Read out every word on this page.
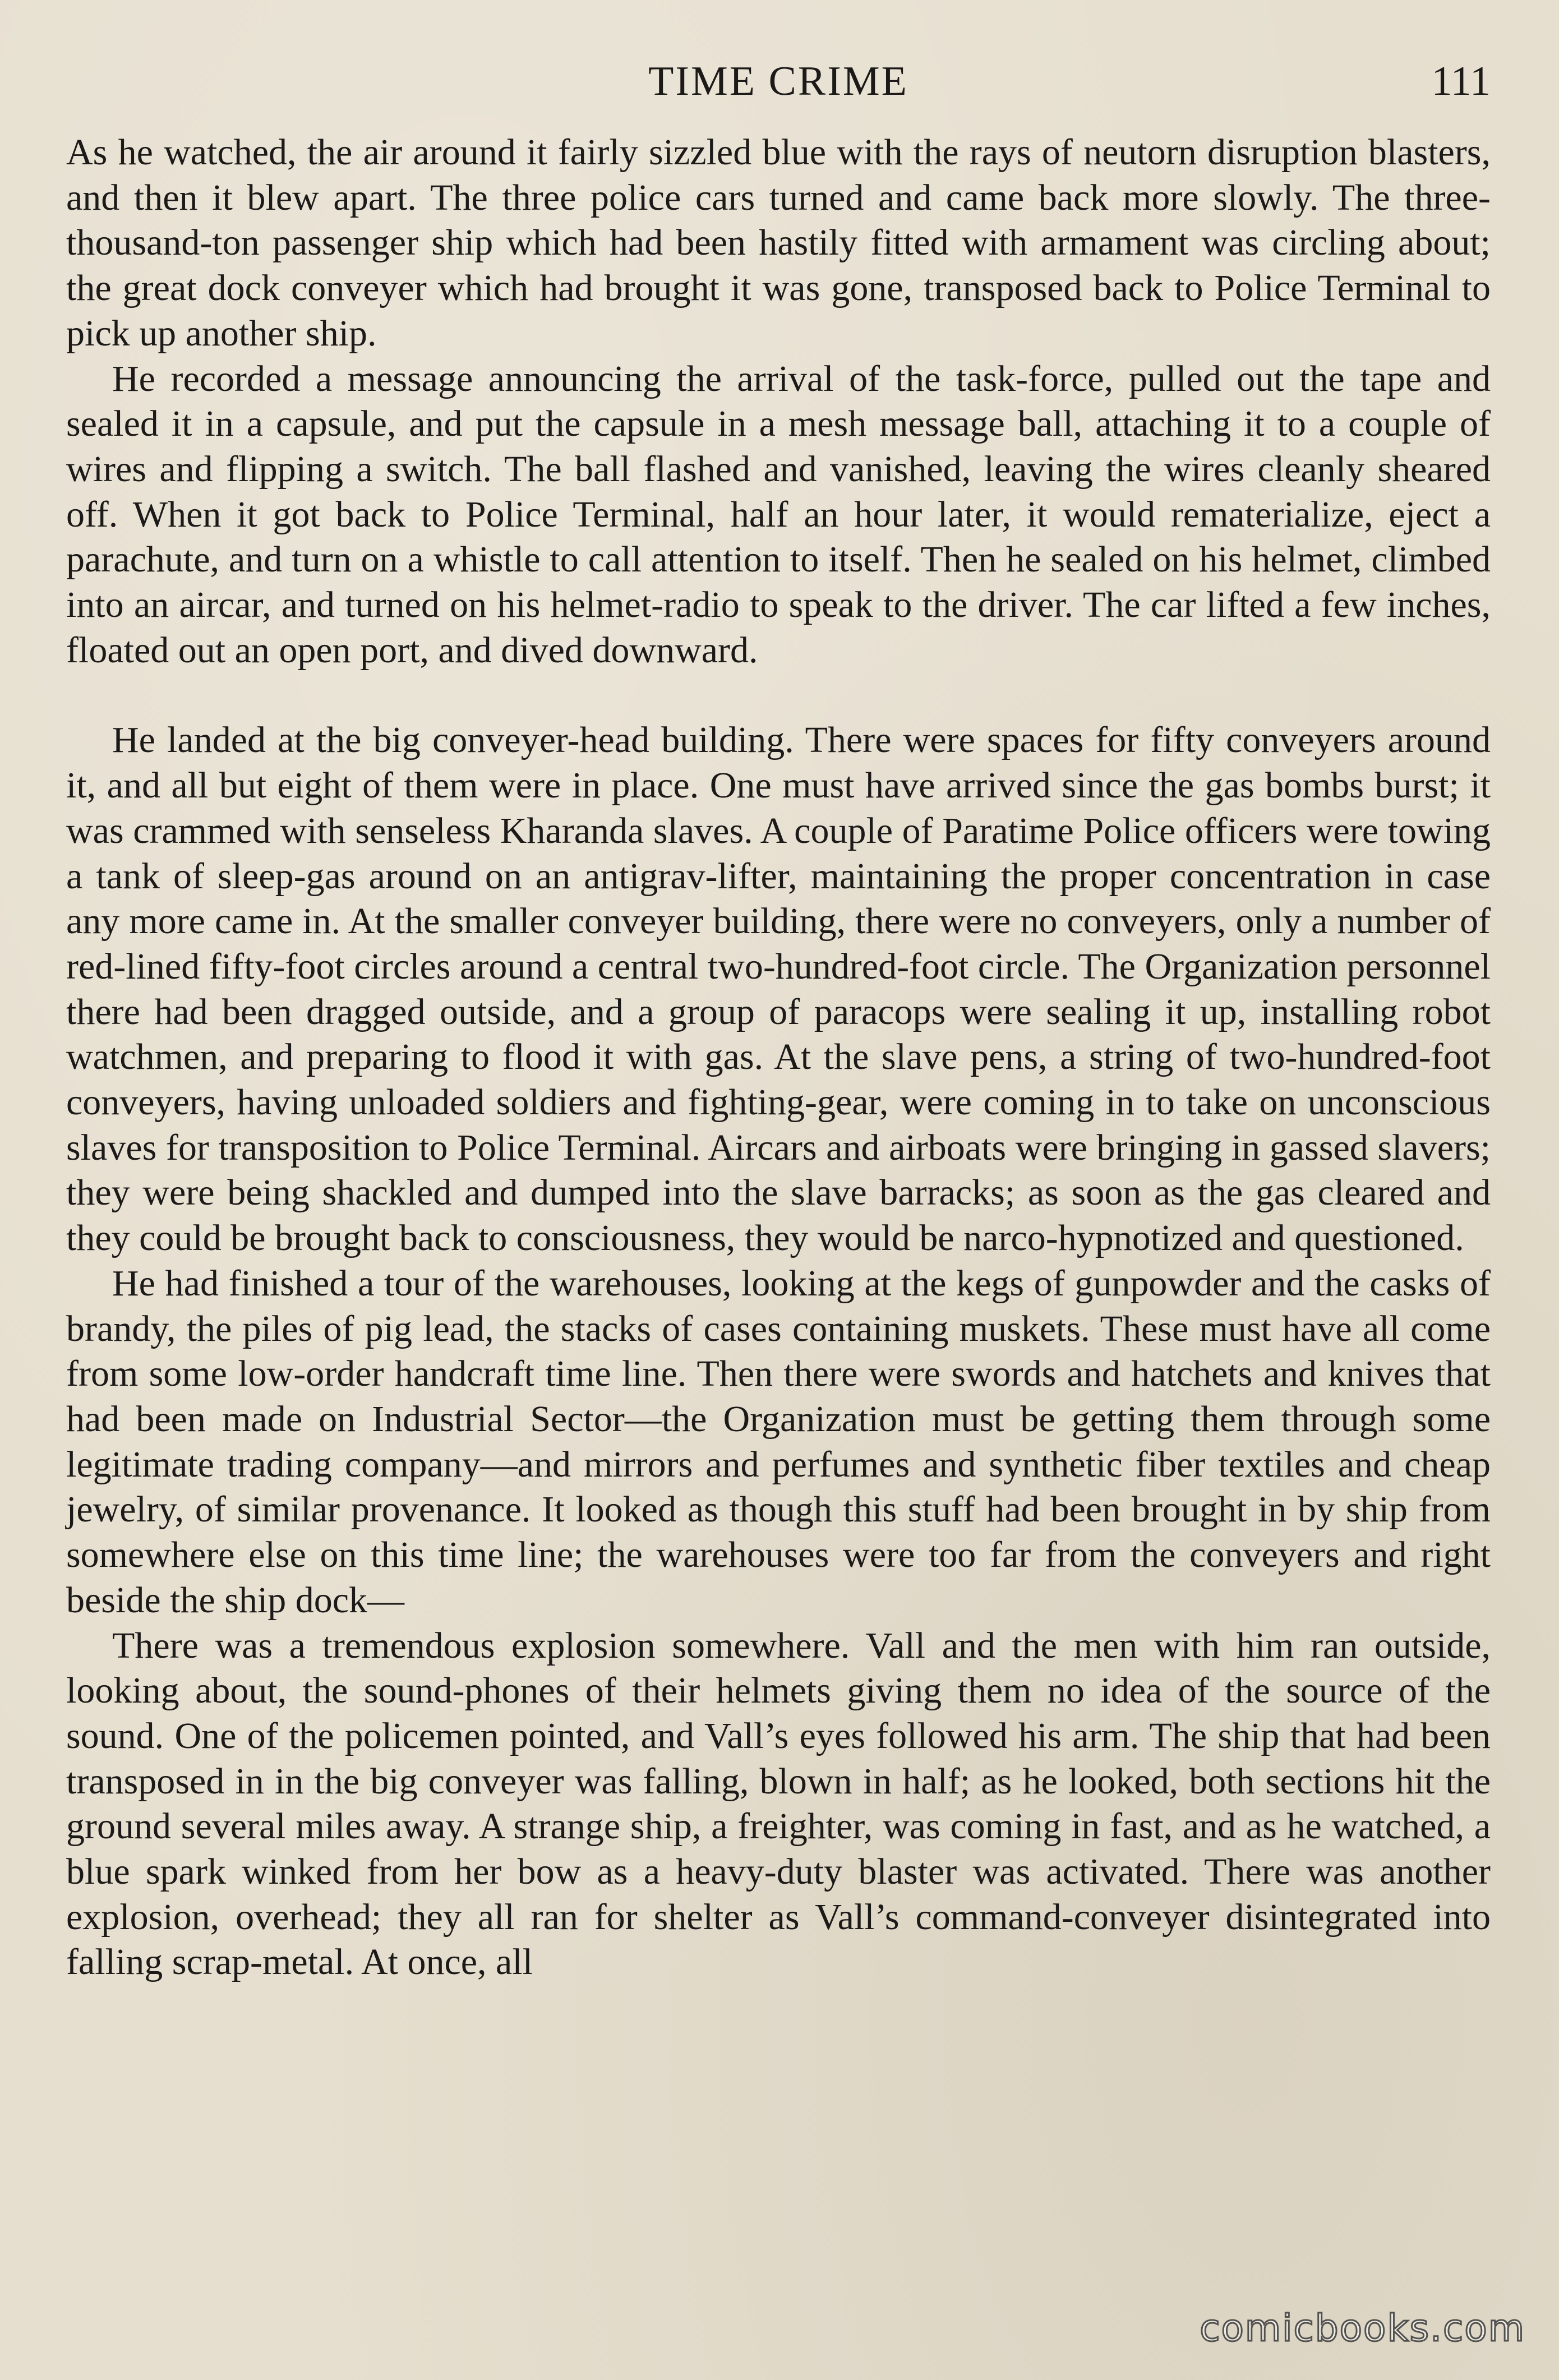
TIME CRIME	111

As he watched, the air around it fairly sizzled blue with the rays of neutorn disruption blasters, and then it blew apart. The three police cars turned and came back more slowly. The three-thousand-ton passenger ship which had been hastily fitted with armament was circling about; the great dock conveyer which had brought it was gone, transposed back to Police Terminal to pick up another ship.

He recorded a message announcing the arrival of the task-force, pulled out the tape and sealed it in a capsule, and put the capsule in a mesh message ball, attaching it to a couple of wires and flipping a switch. The ball flashed and vanished, leaving the wires cleanly sheared off. When it got back to Police Terminal, half an hour later, it would rematerialize, eject a parachute, and turn on a whistle to call attention to itself. Then he sealed on his helmet, climbed into an aircar, and turned on his helmet-radio to speak to the driver. The car lifted a few inches, floated out an open port, and dived downward.

He landed at the big conveyer-head building. There were spaces for fifty conveyers around it, and all but eight of them were in place. One must have arrived since the gas bombs burst; it was crammed with senseless Kharanda slaves. A couple of Paratime Police officers were towing a tank of sleep-gas around on an antigrav-lifter, maintaining the proper concentration in case any more came in. At the smaller conveyer building, there were no conveyers, only a number of red-lined fifty-foot circles around a central two-hundred-foot circle. The Organization personnel there had been dragged outside, and a group of paracops were sealing it up, installing robot watchmen, and preparing to flood it with gas. At the slave pens, a string of two-hundred-foot conveyers, having unloaded soldiers and fighting-gear, were coming in to take on unconscious slaves for transposition to Police Terminal. Aircars and airboats were bringing in gassed slavers; they were being shackled and dumped into the slave barracks; as soon as the gas cleared and they could be brought back to consciousness, they would be narco-hypnotized and questioned.

He had finished a tour of the warehouses, looking at the kegs of gunpowder and the casks of brandy, the piles of pig lead, the stacks of cases containing muskets. These must have all come from some low-order handcraft time line. Then there were swords and hatchets and knives that had been made on Industrial Sector—the Organization must be getting them through some legitimate trading company—and mirrors and perfumes and synthetic fiber textiles and cheap jewelry, of similar provenance. It looked as though this stuff had been brought in by ship from somewhere else on this time line; the warehouses were too far from the conveyers and right beside the ship dock—

There was a tremendous explosion somewhere. Vall and the men with him ran outside, looking about, the sound-phones of their helmets giving them no idea of the source of the sound. One of the policemen pointed, and Vall’s eyes followed his arm. The ship that had been transposed in in the big conveyer was falling, blown in half; as he looked, both sections hit the ground several miles away. A strange ship, a freighter, was coming in fast, and as he watched, a blue spark winked from her bow as a heavy-duty blaster was activated. There was another explosion, overhead; they all ran for shelter as Vall’s command-conveyer disintegrated into falling scrap-metal. At once, all

comicbooks.com
